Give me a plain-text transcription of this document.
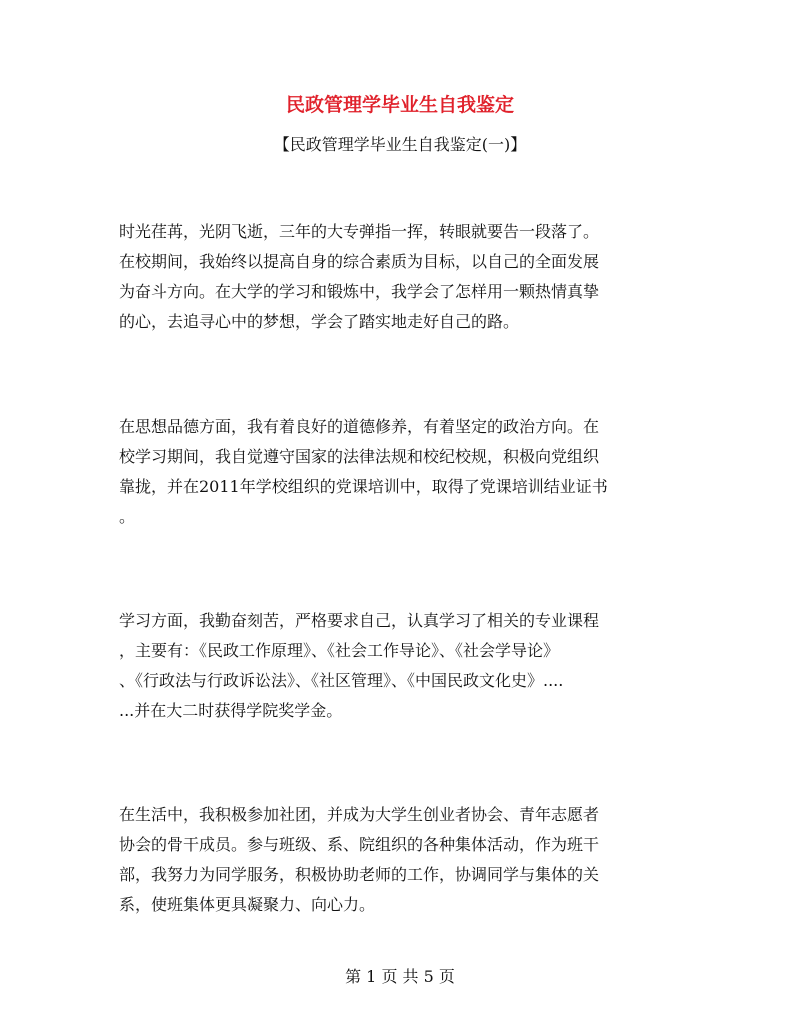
民政管理学毕业生自我鉴定
【民政管理学毕业生自我鉴定(一)】
时光荏苒，光阴飞逝，三年的大专弹指一挥，转眼就要告一段落了。
在校期间，我始终以提高自身的综合素质为目标，以自己的全面发展
为奋斗方向。在大学的学习和锻炼中，我学会了怎样用一颗热情真挚
的心，去追寻心中的梦想，学会了踏实地走好自己的路。
在思想品德方面，我有着良好的道德修养，有着坚定的政治方向。在
校学习期间，我自觉遵守国家的法律法规和校纪校规，积极向党组织
靠拢，并在2011年学校组织的党课培训中，取得了党课培训结业证书
。
学习方面，我勤奋刻苦，严格要求自己，认真学习了相关的专业课程
，主要有：《民政工作原理》、《社会工作导论》、《社会学导论》
、《行政法与行政诉讼法》、《社区管理》、《中国民政文化史》....
...并在大二时获得学院奖学金。
在生活中，我积极参加社团，并成为大学生创业者协会、青年志愿者
协会的骨干成员。参与班级、系、院组织的各种集体活动，作为班干
部，我努力为同学服务，积极协助老师的工作，协调同学与集体的关
系，使班集体更具凝聚力、向心力。
第 1 页 共 5 页
